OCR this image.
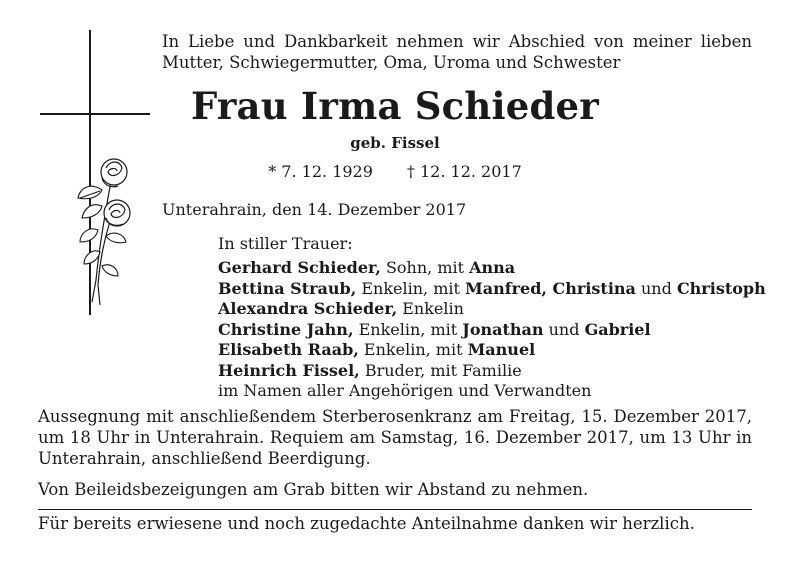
In Liebe und Dankbarkeit nehmen wir Abschied von meiner lieben Mutter, Schwiegermutter, Oma, Uroma und Schwester
Frau Irma Schieder
geb. Fissel
* 7. 12. 1929 † 12. 12. 2017
Unterahrain, den 14. Dezember 2017
In stiller Trauer:
Gerhard Schieder, Sohn, mit Anna
Bettina Straub, Enkelin, mit Manfred, Christina und Christoph
Alexandra Schieder, Enkelin
Christine Jahn, Enkelin, mit Jonathan und Gabriel
Elisabeth Raab, Enkelin, mit Manuel
Heinrich Fissel, Bruder, mit Familie
im Namen aller Angehörigen und Verwandten
Aussegnung mit anschließendem Sterberosenkranz am Freitag, 15. Dezember 2017, um 18 Uhr in Unterahrain. Requiem am Samstag, 16. Dezember 2017, um 13 Uhr in Unterahrain, anschließend Beerdigung.
Von Beileidsbezeigungen am Grab bitten wir Abstand zu nehmen.
Für bereits erwiesene und noch zugedachte Anteilnahme danken wir herzlich.
